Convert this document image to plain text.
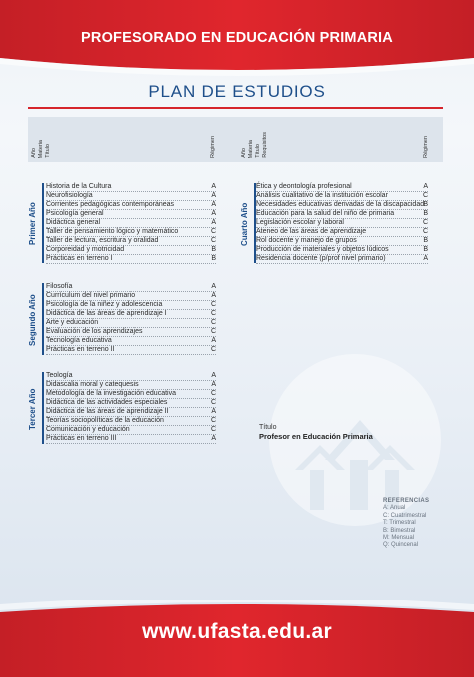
PROFESORADO EN EDUCACIÓN PRIMARIA
PLAN DE ESTUDIOS
Año Materia Título	Régimen	Año Materia Título Requisitos	Régimen
Primer Año
Historia de la Cultura	A
Neurofisiología	A
Corrientes pedagógicas contemporáneas	A
Psicología general	A
Didáctica general	A
Taller de pensamiento lógico y matemático	C
Taller de lectura, escritura y oralidad	C
Corporeidad y motricidad	B
Prácticas en terreno I	B
Segundo Año
Filosofía	A
Currículum del nivel primario	A
Psicología de la niñez y adolescencia	C
Didáctica de las áreas de aprendizaje I	C
Arte y educación	C
Evaluación de los aprendizajes	C
Tecnología educativa	A
Prácticas en terreno II	C
Tercer Año
Teología	A
Didascalia moral y catequesis	A
Metodología de la investigación educativa	C
Didáctica de las actividades especiales	C
Didáctica de las áreas de aprendizaje II	A
Teorías sociopolíticas de la educación	C
Comunicación y educación	C
Prácticas en terreno III	A
Cuarto Año
Ética y deontología profesional	A
Análisis cualitativo de la institución escolar	C
Necesidades educativas derivadas de la discapacidad B
Educación para la salud del niño de primaria	B
Legislación escolar y laboral	C
Ateneo de las áreas de aprendizaje	C
Rol docente y manejo de grupos	B
Producción de materiales y objetos lúdicos	B
Residencia docente (p/prof nivel primario)	A
Título
Profesor en Educación Primaria
REFERENCIAS
A: Anual
C: Cuatrimestral
T: Trimestral
B: Bimestral
M: Mensual
Q: Quincenal
www.ufasta.edu.ar
